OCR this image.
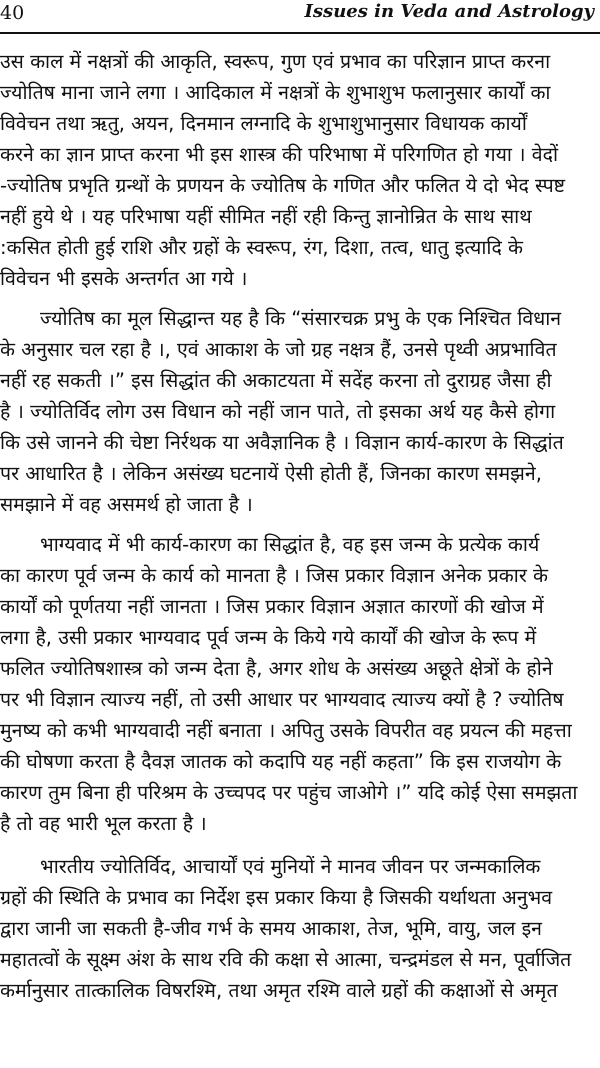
40	Issues in Veda and Astrology
उस काल में नक्षत्रों की आकृति, स्वरूप, गुण एवं प्रभाव का परिज्ञान प्राप्त करना
ज्योतिष माना जाने लगा । आदिकाल में नक्षत्रों के शुभाशुभ फलानुसार कार्यों का
विवेचन तथा ऋतु, अयन, दिनमान लग्नादि के शुभाशुभानुसार विधायक कार्यों
करने का ज्ञान प्राप्त करना भी इस शास्त्र की परिभाषा में परिगणित हो गया । वेदों
-ज्योतिष प्रभृति ग्रन्थों के प्रणयन के ज्योतिष के गणित और फलित ये दो भेद स्पष्ट
नहीं हुये थे । यह परिभाषा यहीं सीमित नहीं रही किन्तु ज्ञानोन्रित के साथ साथ
:कसित होती हुई राशि और ग्रहों के स्वरूप, रंग, दिशा, तत्व, धातु इत्यादि के
विवेचन भी इसके अन्तर्गत आ गये ।
ज्योतिष का मूल सिद्धान्त यह है कि “संसारचक्र प्रभु के एक निश्चित विधान
के अनुसार चल रहा है ।, एवं आकाश के जो ग्रह नक्षत्र हैं, उनसे पृथ्वी अप्रभावित
नहीं रह सकती ।” इस सिद्धांत की अकाटयता में सदेंह करना तो दुराग्रह जैसा ही
है । ज्योतिर्विद लोग उस विधान को नहीं जान पाते, तो इसका अर्थ यह कैसे होगा
कि उसे जानने की चेष्टा निर्रथक या अवैज्ञानिक है । विज्ञान कार्य-कारण के सिद्धांत
पर आधारित है । लेकिन असंख्य घटनायें ऐसी होती हैं, जिनका कारण समझने,
समझाने में वह असमर्थ हो जाता है ।
भाग्यवाद में भी कार्य-कारण का सिद्धांत है, वह इस जन्म के प्रत्येक कार्य
का कारण पूर्व जन्म के कार्य को मानता है । जिस प्रकार विज्ञान अनेक प्रकार के
कार्यों को पूर्णतया नहीं जानता । जिस प्रकार विज्ञान अज्ञात कारणों की खोज में
लगा है, उसी प्रकार भाग्यवाद पूर्व जन्म के किये गये कार्यों की खोज के रूप में
फलित ज्योतिषशास्त्र को जन्म देता है, अगर शोध के असंख्य अछूते क्षेत्रों के होने
पर भी विज्ञान त्याज्य नहीं, तो उसी आधार पर भाग्यवाद त्याज्य क्यों है ? ज्योतिष
मुनष्य को कभी भाग्यवादी नहीं बनाता । अपितु उसके विपरीत वह प्रयत्न की महत्ता
की घोषणा करता है दैवज्ञ जातक को कदापि यह नहीं कहता” कि इस राजयोग के
कारण तुम बिना ही परिश्रम के उच्चपद पर पहुंच जाओगे ।” यदि कोई ऐसा समझता
है तो वह भारी भूल करता है ।
भारतीय ज्योतिर्विद, आचार्यों एवं मुनियों ने मानव जीवन पर जन्मकालिक
ग्रहों की स्थिति के प्रभाव का निर्देश इस प्रकार किया है जिसकी यर्थाथता अनुभव
द्वारा जानी जा सकती है-जीव गर्भ के समय आकाश, तेज, भूमि, वायु, जल इन
महातत्वों के सूक्ष्म अंश के साथ रवि की कक्षा से आत्मा, चन्द्रमंडल से मन, पूर्वाजित
कर्मानुसार तात्कालिक विषरश्मि, तथा अमृत रश्मि वाले ग्रहों की कक्षाओं से अमृत
